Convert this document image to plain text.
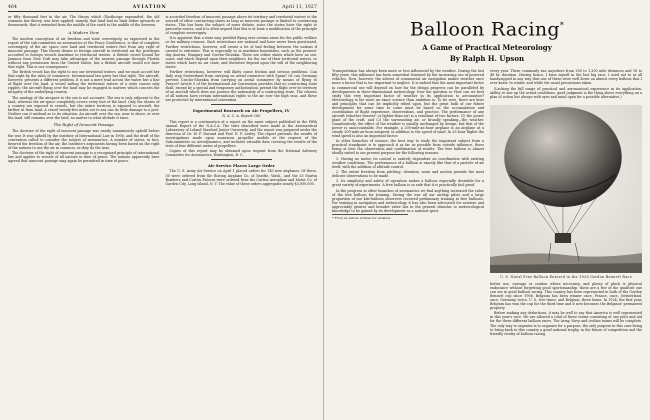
464	AVIATION	April 11, 1927

or fifty thousand feet in the air. The theory which Glasthoupe expounded, the old common law theory, was here applied; namely, that land had no limit either upwards or downwards, that it extended from the middle of the earth to the middle of the heavens.

A Modern View

The modern conception of air freedom and state sovereignty, as expressed in the report of the sub-committee on aeronautics at the Peace Conference, is that of complete sovereignty of the air space over land and territorial waters free from any right of innocent passage. This theory denies to foreign aircraft in territorial air the privileges accorded to foreign vessels maritime in territorial waters. A British vessel bound for Jamaica from New York may take advantage of the nearest passage through Florida without any permission from the United States, but a British aircraft would not have that right. This is one consequence.

The British vessel has the right to use our territorial waters, and we must accord her that right by the rules of commerce. International law gives her that right. The aircraft, however, presents a different problem. It is not a mere trail across the water, but a line of flight over the land. A vessel sailing the territorial waters of a state causes only ripples; the aircraft flying over the land may be engaged in matters which concern the integrity of the underlying country.

The analogy of the airspace to the sea is not accurate. The sea is only adjacent to the land, whereas the air-space completely covers every foot of the land. Only the shores of a country are exposed to vessels, but the entire territory is exposed to aircraft, the farther in from land. A vessel twenty-five miles out to sea can do little damage to a port. Neither can it mislead as to its situation. An aircraft over the sea, near to shore, or over the land, still remains over the land, no matter to what altitude it rises.

The Right of Innocent Passage

The doctrine of the right of innocent passage was nearly unanimously upheld before the war. It was upheld by the Institute of International Law in 1906, and the draft of the convention called to consider the subject of aeronautics. A number of states, in fact, favored the freedom of the air, the Institute's arguments having been based on the right of the nations to use the air in common, as they do the seas.

The doctrine of the right of innocent passage is a recognized principle of international law and applies to vessels of all nations in time of peace. The nations apparently have agreed that innocent passage may again be permitted in time of peace.

is accorded freedom of innocent passage above its territory and territorial waters to the aircraft of other contracting states as long as innocent passage is limited to contracting states. This has been the subject of some debate, since the states have the right to prescribe routes, and it is often argued that this is at least a modification of the principle of complete sovereignty.

It is apparent that a state may prohibit flying over certain areas for the public welfare or for military reasons. Such restrictions are national and have never been questioned. Further restrictions, however, will create a lot of bad feeling between the nations if carried to extremes. This is especially so in maritime boundaries, such as the present-day Austria, Hungary and Czecho-Slovakia. These are either states which have no sea-coast, and which depend upon their neighbors, for the use of their territorial waters, or states which have no air coast, and therefore depend upon the will of the neighboring states.

Further restrictions, however, will likely cause friction and serious problems. Can Italy stop Switzerland from carrying on aerial commerce with Spain? Or can Germany prevent Czecho-Slovakia from carrying on aerial commerce by means of flying to France? Article 5 of the International Air Convention provides that no contracting state shall, except by a special and temporary authorization, permit the flight over its territory of an aircraft which does not possess the nationality of a contracting state. The citizens of all nations have certain international rights to the air over the high seas, and these are protected by international convention.

Experimental Research on Air Propellers, IV
N. A. C. A. Report 260

This report is a continuation of a report on the same subject published in the Fifth Annual Report of the N.A.C.A. The tests described were made at the Aeronautical Laboratory of Leland Stanford Junior University, and the report was prepared under the direction of Dr. W. F. Durand and Prof. E. P. Lesley. The report presents the results of investigations made upon numerous propeller models at the request of the Subcommittee on Aerodynamics, and includes valuable data covering the results of the tests of four different series of propellers.

Copies of this report may be obtained upon request from the National Advisory Committee for Aeronautics, Washington, D. C.

Air Service Places Large Order

The U. S. Army Air Service on April 1 placed orders for 140 new airplanes. Of these, 50 were ordered from the Boeing Airplane Co. of Seattle, Wash., and the 25 Martin Bombers and Curtiss Falcons were ordered from the Curtiss Aeroplane and Motor Co. of Garden City, Long Island, N. Y. The value of these orders aggregates nearly $3,000,000.

Balloon Racing*
A Game of Practical Meteorology
By Ralph H. Upson

Transportation has always been more or less influenced by the weather. During the last fifty years, this influence has been somewhat lessened by the increasing use of powered vehicles. Now, however, the advent of commercial air navigation makes weather once more a factor that is too important to neglect. It is indeed that the most important factor in commercial use will depend on how far the design progress can be paralleled by developments in three-dimensional meteorology. Now the question is: How can we best study this very important factor of weather in its application to aeronautics? Meteorology is far more an exact science than ambition is. To be sure, there are laws and principles that can be implicitly relied upon, but the great bulk of our future development for some time to come must be based on the accumulation and coordination of flight experience, observations, and practice. The performance of any aircraft (whether heavier- or lighter-than-air) is a resultant of two factors: (1) the power plant of the craft, and (2) the surrounding air, or broadly speaking—the weather. Quantitatively, the effect of the weather is usually unchanged by design, but that of the power is unaccountable. For example, a 200-mile-an-hour airplane is an airplane at a steady 200-mile-an-hour airspeed, in addition to the speed of wind. In 25-hour flights the wind speed is also an important factor.

In other branches of science, the best way to study the important subject from a practical standpoint is to approach it as far as possible from outside influence, there being at best the observation and confirmation of results. The free balloon is almost ideally suited to our present purpose for the following reasons:

1. Having no motor, its control is entirely dependent on coordination with existing weather conditions. The performance of a balloon is exactly like that of a particle of air itself, with the addition of altitude control.

2. The entire freedom from pitching, vibration, noise and motion permits the most delicate observations to be made.

3. Its simplicity and safety of operation makes a balloon especially desirable for a great variety of experiments. A free balloon is so safe that it is practically fool proof.

In the progress in other branches of aeronautics we find anything increased the value of the free balloon for training. During the war all our airship pilots and a large proportion of our kite-balloon observers received preliminary training in free balloons. For training in navigation and meteorology it has also been advocated for aviators and appreciably greater and broader value lies in the general stimulus to meteorological knowledge to be gained by its development as a national sport.

* From an article written for Aviation

every year. These commonly run anywhere from 200 to 1,200 mile distances and 18 to 48 hr. duration. Having hence, I have myself in the last big race, I used not to at all handicapped in any way that one of these were well down on almost every balloon that I ever knew. In winter, and while the usual precautions taken.

(Lacking the full range of practical and aeronautical experience in its application, ability to size up the actual conditions, good judgment is the thing above everything on a plan of action but always with eyes and mind open for a possible alternative.)

U. S. Naval Free Balloon Entered in the 1926 Gordon Bennett Race

better use, courage or caution where necessary, and plenty of pluck is physical endurance without forgetting good sportsmanship: these are a few of the qualities one can see in good balloon racing. This country has been represented in both of the Gordon Bennett cup since 1906, Belgium has been winner once, France, once, Switzerland, once, Germany, twice, U. S., five times, and Belgium, three times. In 1924, the first year, Belgium has won the cup for the third time and it now becomes the Belgians' permanent property.

Before making any deductions, it may be well to say that America is well represented in this year's race. We are allowed a total of three teams consisting of one pilot and aid for the three different balloon races. The Army, Navy and civilian teams will be complete. The only way to organize is to organize for a purpose, the only purpose in this case being to bring back to this country a good national trophy, in the future of competition and the friendly rivalry of balloon racing.
